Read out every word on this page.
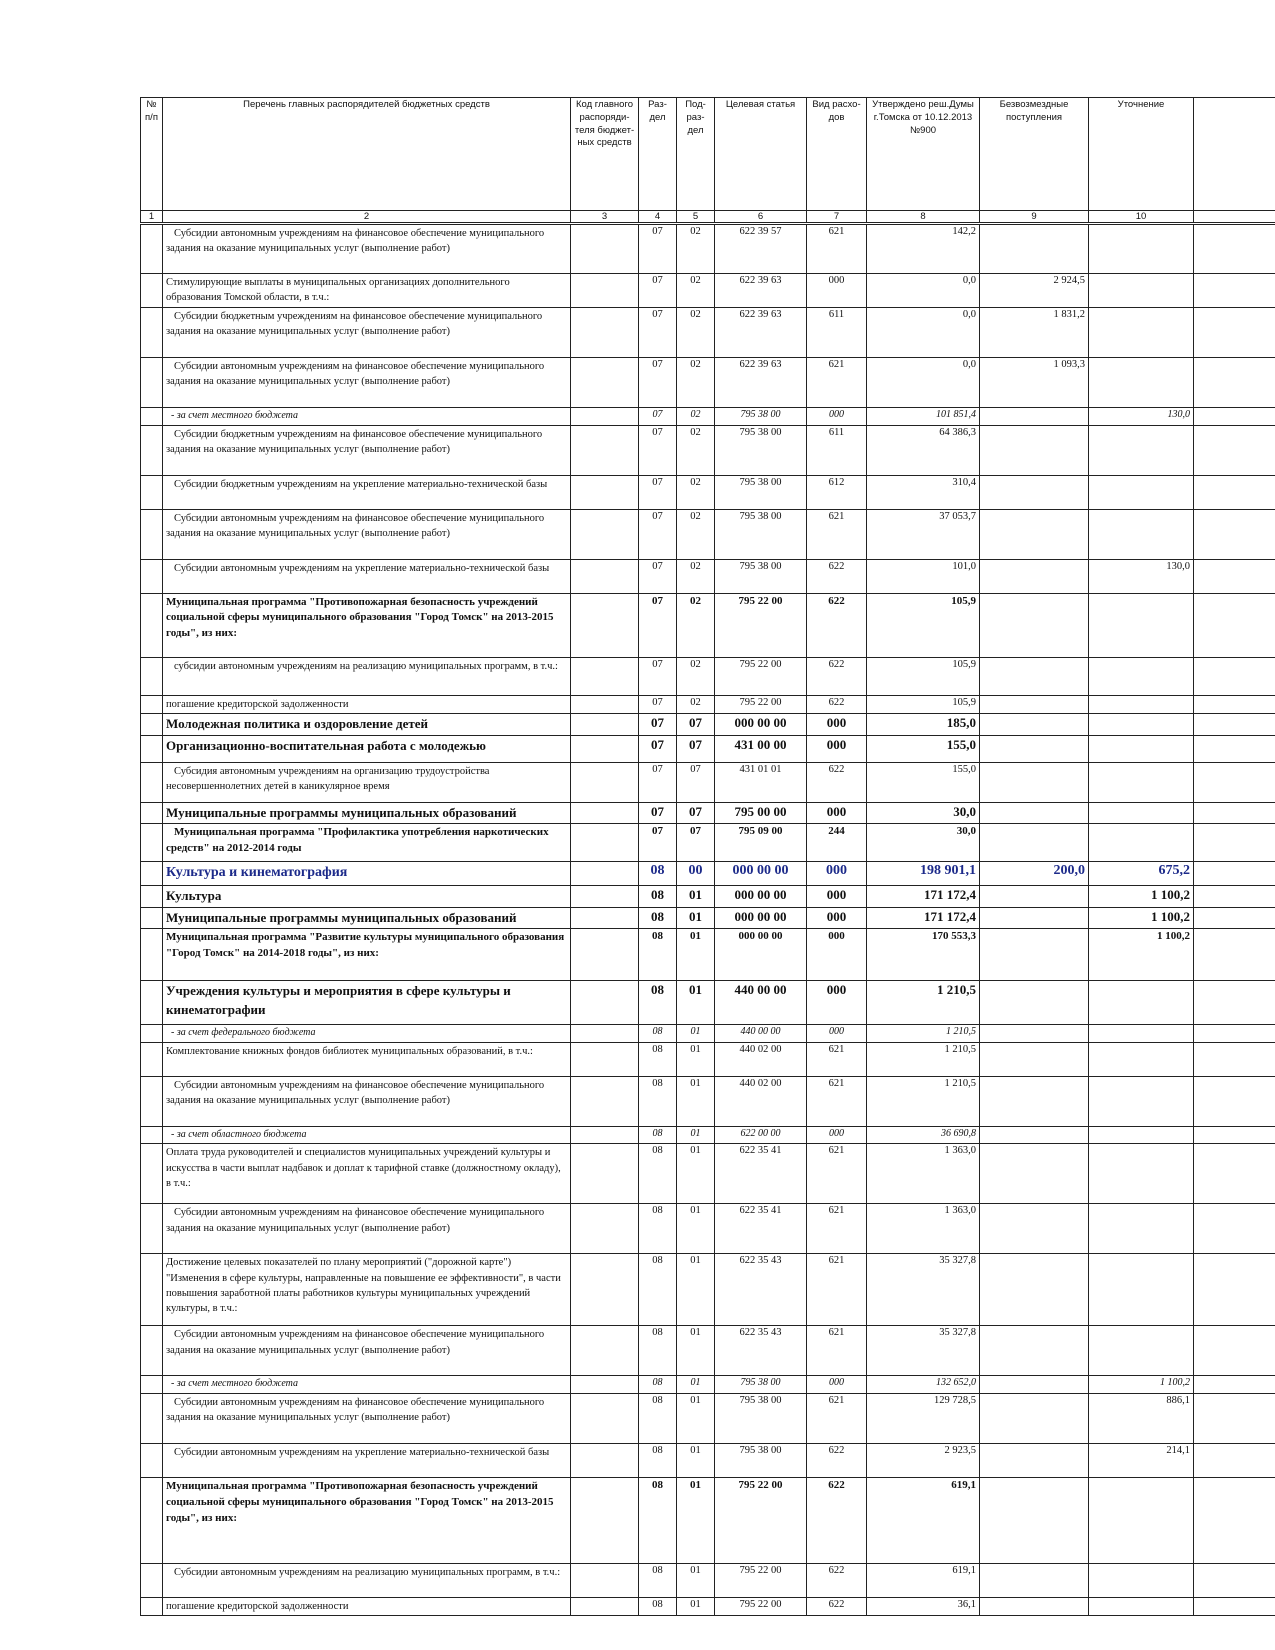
№ п/п	Перечень главных распорядителей бюджетных средств	Код главного распоряди-теля бюджет-ных средств	Раз-дел	Под-раз-дел	Целевая статья	Вид расхо-дов	Утверждено реш.Думы г.Томска от 10.12.2013 №900	Безвозмездные поступления	Уточнение	
1	2	3	4	5	6	7	8	9	10	
	Субсидии автономным учреждениям на финансовое обеспечение муниципального задания на оказание муниципальных услуг (выполнение работ)		07	02	622 39 57	621	142,2			
	Стимулирующие выплаты в муниципальных организациях дополнительного образования Томской области, в т.ч.:		07	02	622 39 63	000	0,0	2 924,5		
	Субсидии бюджетным учреждениям на финансовое обеспечение муниципального задания на оказание муниципальных услуг (выполнение работ)		07	02	622 39 63	611	0,0	1 831,2		
	Субсидии автономным учреждениям на финансовое обеспечение муниципального задания на оказание муниципальных услуг (выполнение работ)		07	02	622 39 63	621	0,0	1 093,3		
	- за счет местного бюджета		07	02	795 38 00	000	101 851,4		130,0	
	Субсидии бюджетным учреждениям на финансовое обеспечение муниципального задания на оказание муниципальных услуг (выполнение работ)		07	02	795 38 00	611	64 386,3			
	Субсидии бюджетным учреждениям на укрепление материально-технической базы		07	02	795 38 00	612	310,4			
	Субсидии автономным учреждениям на финансовое обеспечение муниципального задания на оказание муниципальных услуг (выполнение работ)		07	02	795 38 00	621	37 053,7			
	Субсидии автономным учреждениям на укрепление материально-технической базы		07	02	795 38 00	622	101,0		130,0	
	Муниципальная программа "Противопожарная безопасность учреждений социальной сферы муниципального образования "Город Томск" на 2013-2015 годы", из них:		07	02	795 22 00	622	105,9			
	субсидии автономным учреждениям на реализацию муниципальных программ, в т.ч.:		07	02	795 22 00	622	105,9			
	погашение кредиторской задолженности		07	02	795 22 00	622	105,9			
	Молодежная политика и оздоровление детей		07	07	000 00 00	000	185,0			
	Организационно-воспитательная работа с молодежью		07	07	431 00 00	000	155,0			
	Субсидия автономным учреждениям на организацию трудоустройства несовершеннолетних детей в каникулярное время		07	07	431 01 01	622	155,0			
	Муниципальные программы муниципальных образований		07	07	795 00 00	000	30,0			
	Муниципальная программа "Профилактика употребления наркотических средств" на 2012-2014 годы		07	07	795 09 00	244	30,0			
	Культура и кинематография		08	00	000 00 00	000	198 901,1	200,0	675,2	
	Культура		08	01	000 00 00	000	171 172,4		1 100,2	
	Муниципальные программы муниципальных образований		08	01	000 00 00	000	171 172,4		1 100,2	
	Муниципальная программа "Развитие культуры муниципального образования "Город Томск" на 2014-2018 годы", из них:		08	01	000 00 00	000	170 553,3		1 100,2	
	Учреждения культуры и мероприятия в сфере культуры и кинематографии		08	01	440 00 00	000	1 210,5			
	- за счет федерального бюджета		08	01	440 00 00	000	1 210,5			
	Комплектование книжных фондов библиотек муниципальных образований, в т.ч.:		08	01	440 02 00	621	1 210,5			
	Субсидии автономным учреждениям на финансовое обеспечение муниципального задания на оказание муниципальных услуг (выполнение работ)		08	01	440 02 00	621	1 210,5			
	- за счет областного бюджета		08	01	622 00 00	000	36 690,8			
	Оплата труда руководителей и специалистов муниципальных учреждений культуры и искусства в части выплат надбавок и доплат к тарифной ставке (должностному окладу), в т.ч.:		08	01	622 35 41	621	1 363,0			
	Субсидии автономным учреждениям на финансовое обеспечение муниципального задания на оказание муниципальных услуг (выполнение работ)		08	01	622 35 41	621	1 363,0			
	Достижение целевых показателей по плану мероприятий ("дорожной карте") "Изменения в сфере культуры, направленные на повышение ее эффективности", в части повышения заработной платы работников культуры муниципальных учреждений культуры, в т.ч.:		08	01	622 35 43	621	35 327,8			
	Субсидии автономным учреждениям на финансовое обеспечение муниципального задания на оказание муниципальных услуг (выполнение работ)		08	01	622 35 43	621	35 327,8			
	- за счет местного бюджета		08	01	795 38 00	000	132 652,0		1 100,2	
	Субсидии автономным учреждениям на финансовое обеспечение муниципального задания на оказание муниципальных услуг (выполнение работ)		08	01	795 38 00	621	129 728,5		886,1	
	Субсидии автономным учреждениям на укрепление материально-технической базы		08	01	795 38 00	622	2 923,5		214,1	
	Муниципальная программа "Противопожарная безопасность учреждений социальной сферы муниципального образования "Город Томск" на 2013-2015 годы", из них:		08	01	795 22 00	622	619,1			
	Субсидии автономным учреждениям на реализацию муниципальных программ, в т.ч.:		08	01	795 22 00	622	619,1			
	погашение кредиторской задолженности		08	01	795 22 00	622	36,1			
